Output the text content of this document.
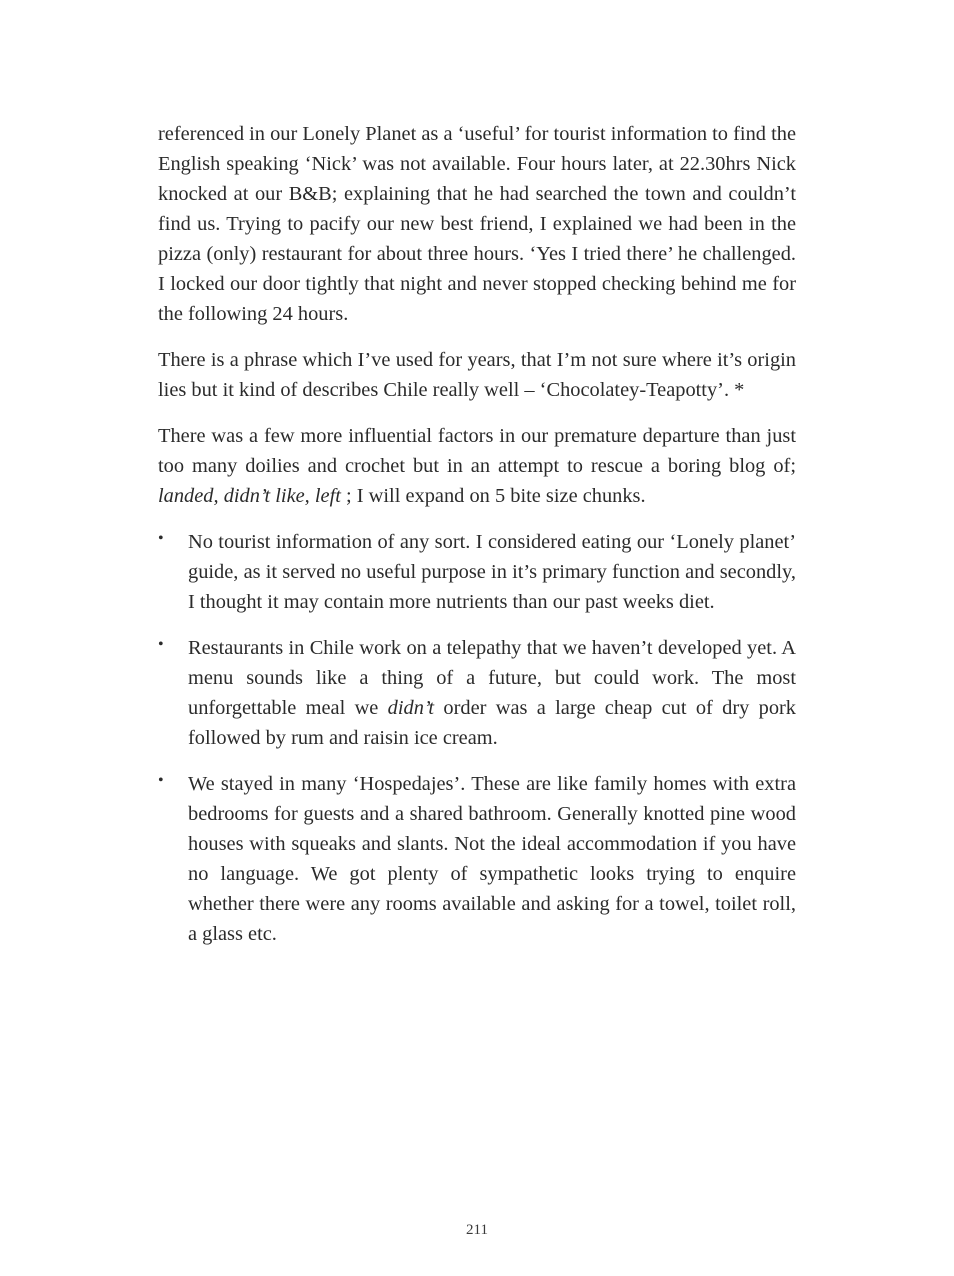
referenced in our Lonely Planet as a ‘useful’ for tourist information to find the English speaking ‘Nick’ was not available. Four hours later, at 22.30hrs Nick knocked at our B&B; explaining that he had searched the town and couldn’t find us. Trying to pacify our new best friend, I explained we had been in the pizza (only) restaurant for about three hours. ‘Yes I tried there’ he challenged. I locked our door tightly that night and never stopped checking behind me for the following 24 hours.

There is a phrase which I’ve used for years, that I’m not sure where it’s origin lies but it kind of describes Chile really well – ‘Chocolatey-Teapotty’. *

There was a few more influential factors in our premature departure than just too many doilies and crochet but in an attempt to rescue a boring blog of; landed, didn’t like, left ; I will expand on 5 bite size chunks.

• No tourist information of any sort. I considered eating our ‘Lonely planet’ guide, as it served no useful purpose in it’s primary function and secondly, I thought it may contain more nutrients than our past weeks diet.
• Restaurants in Chile work on a telepathy that we haven’t developed yet. A menu sounds like a thing of a future, but could work. The most unforgettable meal we didn’t order was a large cheap cut of dry pork followed by rum and raisin ice cream.
• We stayed in many ‘Hospedajes’. These are like family homes with extra bedrooms for guests and a shared bathroom. Generally knotted pine wood houses with squeaks and slants. Not the ideal accommodation if you have no language. We got plenty of sympathetic looks trying to enquire whether there were any rooms available and asking for a towel, toilet roll, a glass etc.
211
